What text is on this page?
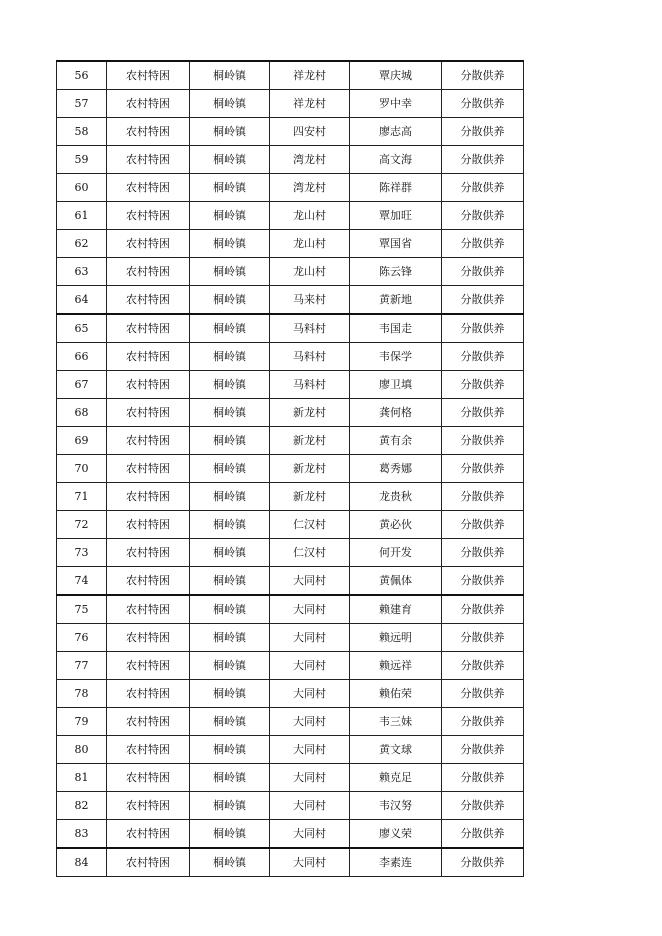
56	农村特困	桐岭镇	祥龙村	覃庆城	分散供养
57	农村特困	桐岭镇	祥龙村	罗中幸	分散供养
58	农村特困	桐岭镇	四安村	廖志高	分散供养
59	农村特困	桐岭镇	湾龙村	高文海	分散供养
60	农村特困	桐岭镇	湾龙村	陈祥群	分散供养
61	农村特困	桐岭镇	龙山村	覃加旺	分散供养
62	农村特困	桐岭镇	龙山村	覃国省	分散供养
63	农村特困	桐岭镇	龙山村	陈云锋	分散供养
64	农村特困	桐岭镇	马来村	黄新地	分散供养
65	农村特困	桐岭镇	马料村	韦国走	分散供养
66	农村特困	桐岭镇	马料村	韦保学	分散供养
67	农村特困	桐岭镇	马料村	廖卫填	分散供养
68	农村特困	桐岭镇	新龙村	龚何格	分散供养
69	农村特困	桐岭镇	新龙村	黄有余	分散供养
70	农村特困	桐岭镇	新龙村	葛秀娜	分散供养
71	农村特困	桐岭镇	新龙村	龙贵秋	分散供养
72	农村特困	桐岭镇	仁汉村	黄必伙	分散供养
73	农村特困	桐岭镇	仁汉村	何开发	分散供养
74	农村特困	桐岭镇	大同村	黄佩体	分散供养
75	农村特困	桐岭镇	大同村	赖建育	分散供养
76	农村特困	桐岭镇	大同村	赖远明	分散供养
77	农村特困	桐岭镇	大同村	赖远祥	分散供养
78	农村特困	桐岭镇	大同村	赖佑荣	分散供养
79	农村特困	桐岭镇	大同村	韦三妹	分散供养
80	农村特困	桐岭镇	大同村	黄文球	分散供养
81	农村特困	桐岭镇	大同村	赖克足	分散供养
82	农村特困	桐岭镇	大同村	韦汉努	分散供养
83	农村特困	桐岭镇	大同村	廖义荣	分散供养
84	农村特困	桐岭镇	大同村	李素连	分散供养
